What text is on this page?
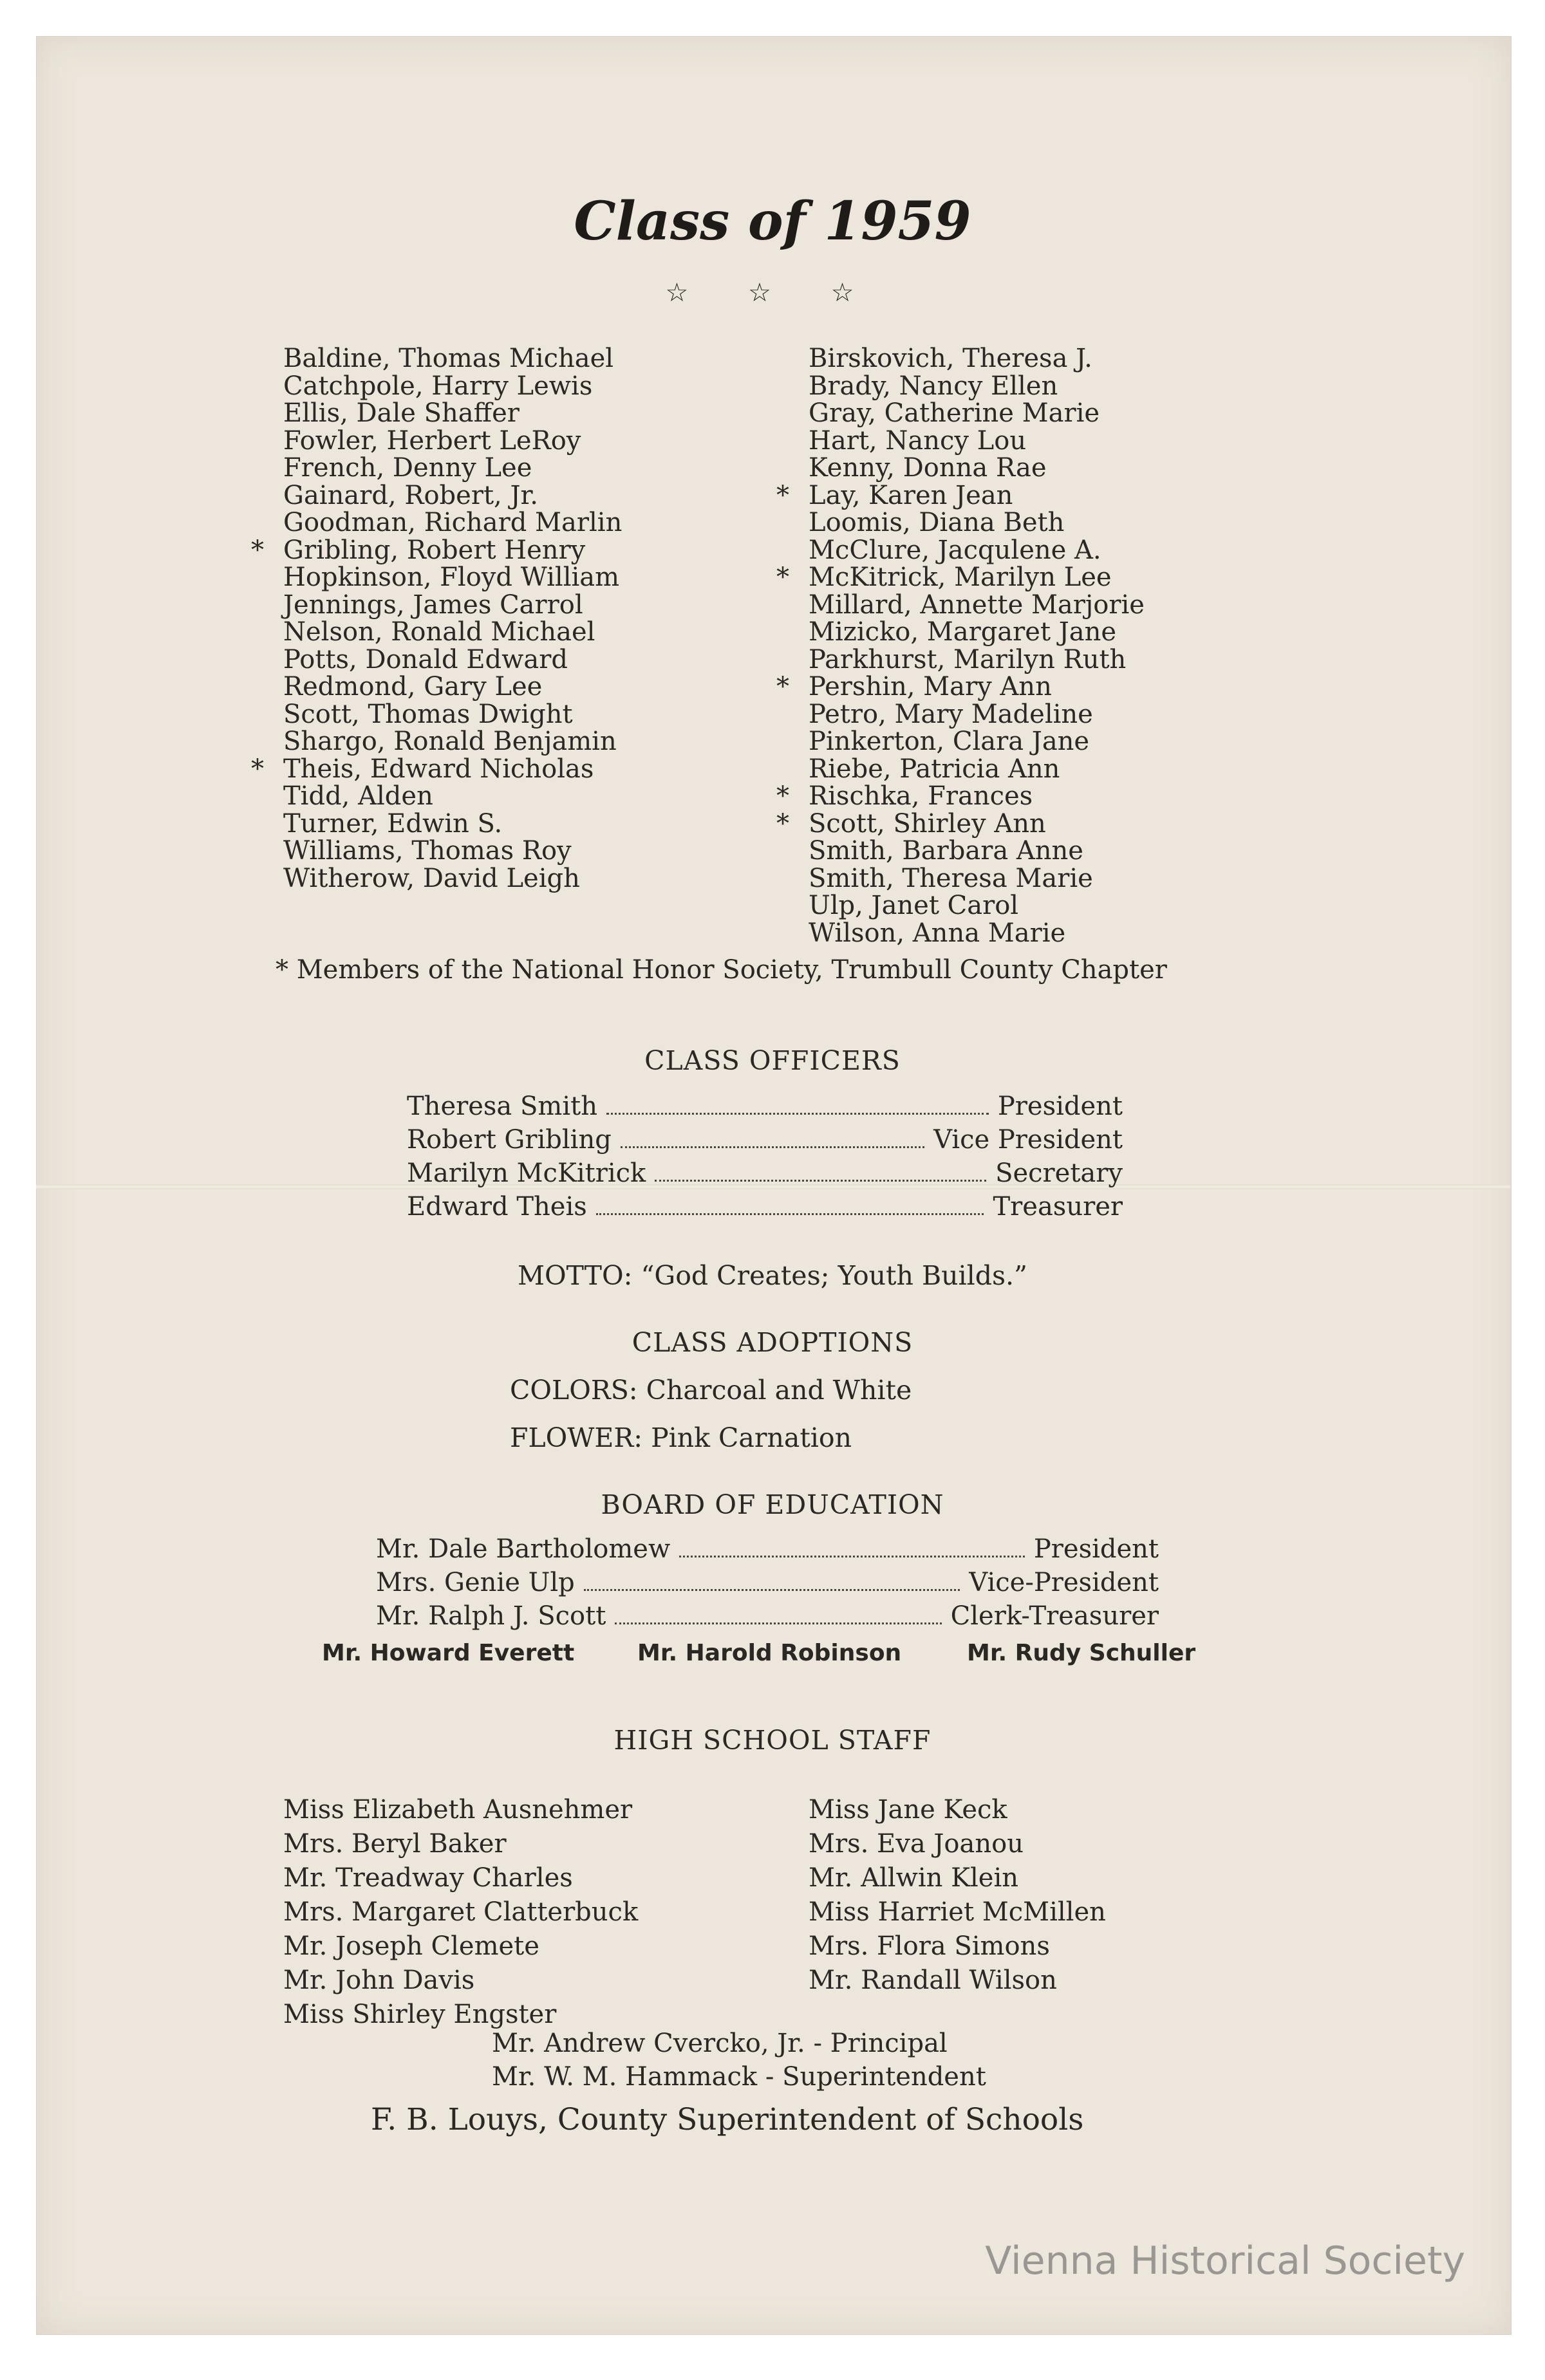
Class of 1959
☆ ☆ ☆
Baldine, Thomas Michael
Catchpole, Harry Lewis
Ellis, Dale Shaffer
Fowler, Herbert LeRoy
French, Denny Lee
Gainard, Robert, Jr.
Goodman, Richard Marlin
* Gribling, Robert Henry
Hopkinson, Floyd William
Jennings, James Carrol
Nelson, Ronald Michael
Potts, Donald Edward
Redmond, Gary Lee
Scott, Thomas Dwight
Shargo, Ronald Benjamin
* Theis, Edward Nicholas
Tidd, Alden
Turner, Edwin S.
Williams, Thomas Roy
Witherow, David Leigh
Birskovich, Theresa J.
Brady, Nancy Ellen
Gray, Catherine Marie
Hart, Nancy Lou
Kenny, Donna Rae
* Lay, Karen Jean
Loomis, Diana Beth
McClure, Jacqulene A.
* McKitrick, Marilyn Lee
Millard, Annette Marjorie
Mizicko, Margaret Jane
Parkhurst, Marilyn Ruth
* Pershin, Mary Ann
Petro, Mary Madeline
Pinkerton, Clara Jane
Riebe, Patricia Ann
* Rischka, Frances
* Scott, Shirley Ann
Smith, Barbara Anne
Smith, Theresa Marie
Ulp, Janet Carol
Wilson, Anna Marie
* Members of the National Honor Society, Trumbull County Chapter
CLASS OFFICERS
Theresa Smith	President
Robert Gribling	Vice President
Marilyn McKitrick	Secretary
Edward Theis	Treasurer
MOTTO: “God Creates; Youth Builds.”
CLASS ADOPTIONS
COLORS: Charcoal and White
FLOWER: Pink Carnation
BOARD OF EDUCATION
Mr. Dale Bartholomew	President
Mrs. Genie Ulp	Vice-President
Mr. Ralph J. Scott	Clerk-Treasurer
Mr. Howard Everett	Mr. Harold Robinson	Mr. Rudy Schuller
HIGH SCHOOL STAFF
Miss Elizabeth Ausnehmer
Mrs. Beryl Baker
Mr. Treadway Charles
Mrs. Margaret Clatterbuck
Mr. Joseph Clemete
Mr. John Davis
Miss Shirley Engster
Miss Jane Keck
Mrs. Eva Joanou
Mr. Allwin Klein
Miss Harriet McMillen
Mrs. Flora Simons
Mr. Randall Wilson
Mr. Andrew Cvercko, Jr. - Principal
Mr. W. M. Hammack - Superintendent
F. B. Louys, County Superintendent of Schools
Vienna Historical Society
